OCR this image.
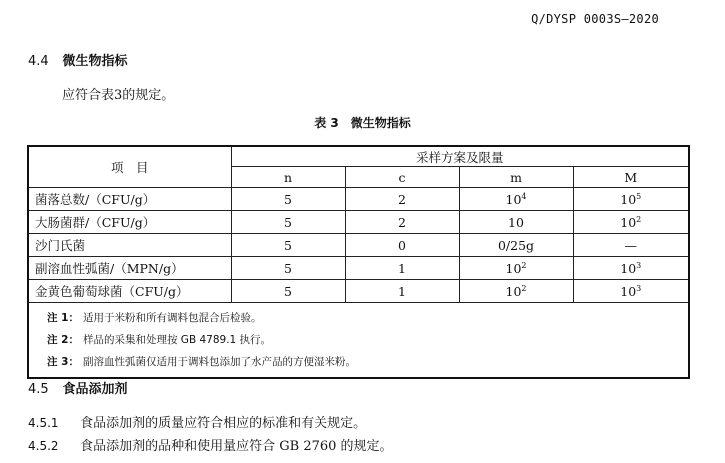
Q/DYSP 0003S—2020
4.4 微生物指标
应符合表3的规定。
表 3　微生物指标
项　目	采样方案及限量			
	n	c	m	M
菌落总数/（CFU/g）	5	2	$10^4$	$10^5$
大肠菌群/（CFU/g）	5	2	10	$10^2$
沙门氏菌	5	0	0/25g	—
副溶血性弧菌/（MPN/g）	5	1	$10^2$	$10^3$
金黄色葡萄球菌（CFU/g）	5	1	$10^2$	$10^3$

注 1： 适用于米粉和所有调料包混合后检验。
注 2： 样品的采集和处理按 GB 4789.1 执行。
注 3： 副溶血性弧菌仅适用于调料包添加了水产品的方便湿米粉。				
4.5 食品添加剂
4.5.1 食品添加剂的质量应符合相应的标准和有关规定。
4.5.2 食品添加剂的品种和使用量应符合 GB 2760 的规定。
